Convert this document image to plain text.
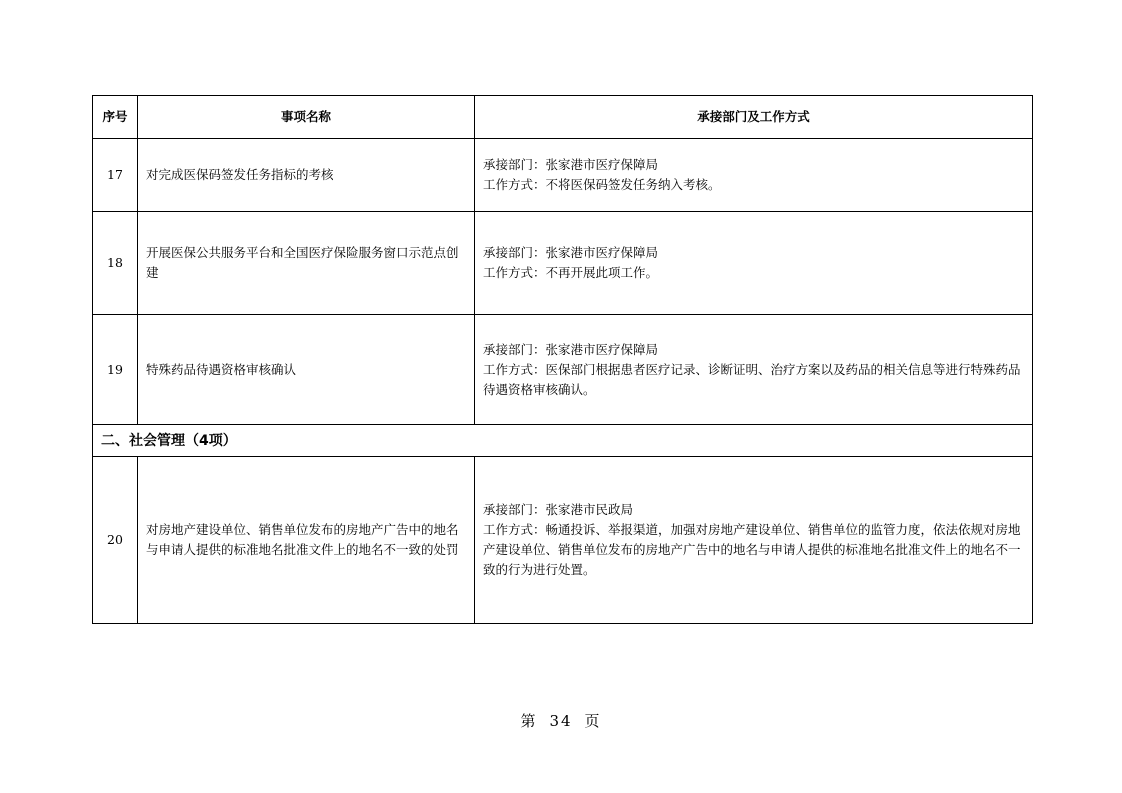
序号	事项名称	承接部门及工作方式
17	对完成医保码签发任务指标的考核	承接部门：张家港市医疗保障局
工作方式：不将医保码签发任务纳入考核。

18	开展医保公共服务平台和全国医疗保险服务窗口示范点创建	承接部门：张家港市医疗保障局
工作方式：不再开展此项工作。

19	特殊药品待遇资格审核确认	承接部门：张家港市医疗保障局
工作方式：医保部门根据患者医疗记录、诊断证明、治疗方案以及药品的相关信息等进行特殊药品待遇资格审核确认。

二、社会管理（4项）		
20	对房地产建设单位、销售单位发布的房地产广告中的地名与申请人提供的标准地名批准文件上的地名不一致的处罚	承接部门：张家港市民政局
工作方式：畅通投诉、举报渠道，加强对房地产建设单位、销售单位的监管力度，依法依规对房地产建设单位、销售单位发布的房地产广告中的地名与申请人提供的标准地名批准文件上的地名不一致的行为进行处置。
第 34 页
